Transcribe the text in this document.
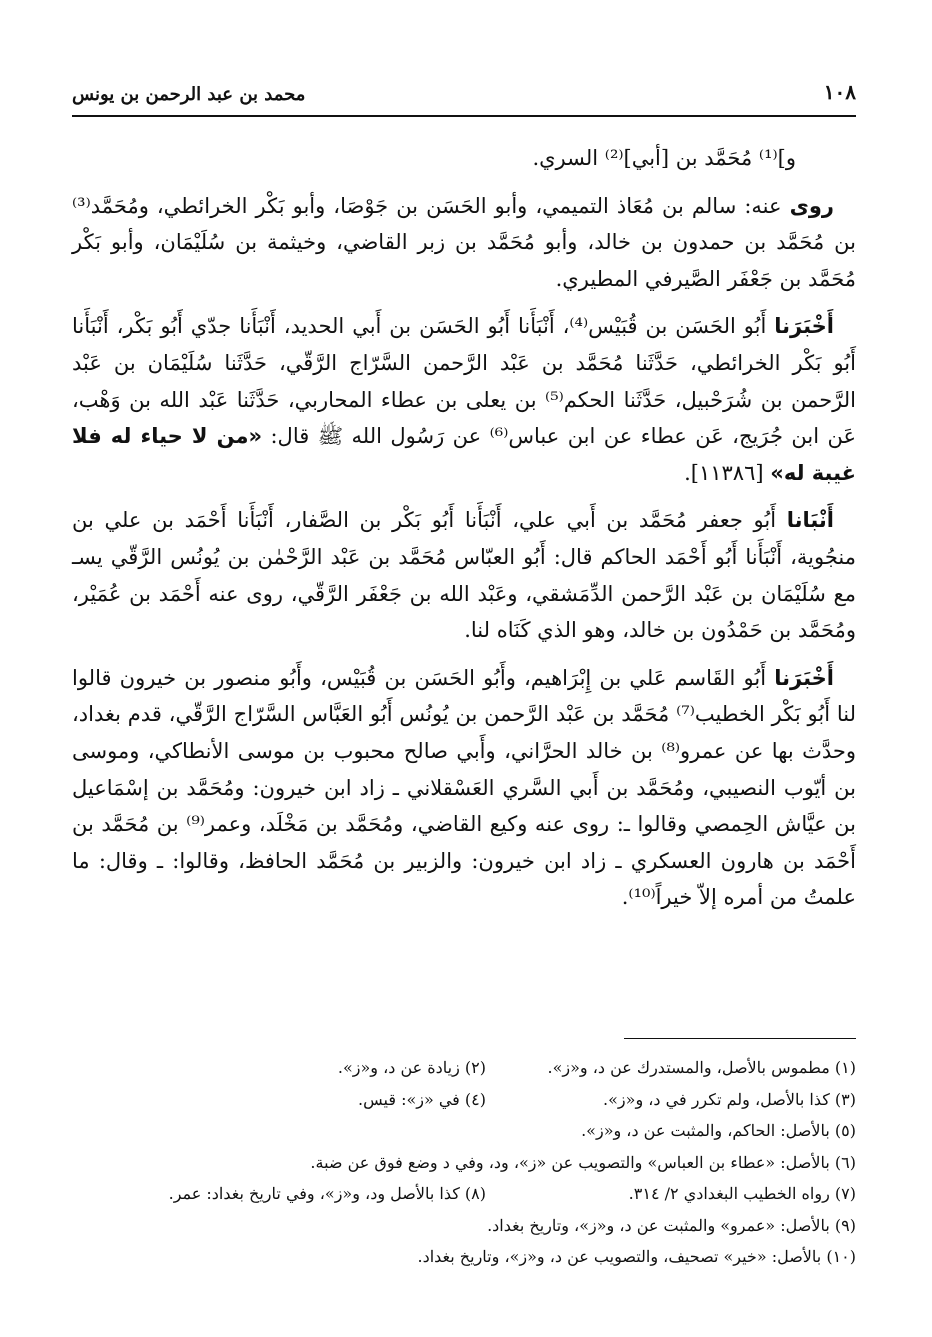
١٠٨
محمد بن عبد الرحمن بن يونس

و]⁽¹⁾ مُحَمَّد بن [أبي]⁽²⁾ السري.

روى عنه: سالم بن مُعَاذ التميمي، وأبو الحَسَن بن جَوْصَا، وأبو بَكْر الخرائطي، ومُحَمَّد⁽³⁾ بن مُحَمَّد بن حمدون بن خالد، وأبو مُحَمَّد بن زبر القاضي، وخيثمة بن سُلَيْمَان، وأبو بَكْر مُحَمَّد بن جَعْفَر الصَّيرفي المطيري.

أَخْبَرَنا أَبُو الحَسَن بن قُبَيْس⁽⁴⁾، أَنْبَأَنا أَبُو الحَسَن بن أَبي الحديد، أَنْبَأَنا جدّي أَبُو بَكْر، أَنْبَأَنا أَبُو بَكْر الخرائطي، حَدَّثَنا مُحَمَّد بن عَبْد الرَّحمن السَّرّاج الرَّقّي، حَدَّثَنا سُلَيْمَان بن عَبْد الرَّحمن بن شُرَحْبيل، حَدَّثَنا الحكم⁽⁵⁾ بن يعلى بن عطاء المحاربي، حَدَّثَنا عَبْد الله بن وَهْب، عَن ابن جُرَيج، عَن عطاء عن ابن عباس⁽⁶⁾ عن رَسُول الله ﷺ قال: «من لا حياء له فلا غيبة له» [١١٣٨٦].

أَنْبَانا أَبُو جعفر مُحَمَّد بن أَبي علي، أَنْبَأَنا أَبُو بَكْر بن الصَّفار، أَنْبَأَنا أَحْمَد بن علي بن منجُوية، أَنْبَأَنا أَبُو أَحْمَد الحاكم قال: أَبُو العبّاس مُحَمَّد بن عَبْد الرَّحْمٰن بن يُونُس الرَّقّي يسـ مع سُلَيْمَان بن عَبْد الرَّحمن الدِّمَشقي، وعَبْد الله بن جَعْفَر الرَّقّي، روى عنه أَحْمَد بن عُمَيْر، ومُحَمَّد بن حَمْدُون بن خالد، وهو الذي كَنَاه لنا.

أَخْبَرَنا أَبُو القَاسم عَلي بن إِبْرَاهيم، وأَبُو الحَسَن بن قُبَيْس، وأَبُو منصور بن خيرون قالوا لنا أَبُو بَكْر الخطيب⁽⁷⁾ مُحَمَّد بن عَبْد الرَّحمن بن يُونُس أَبُو العَبَّاس السَّرّاج الرَّقّي، قدم بغداد، وحدَّث بها عن عمرو⁽⁸⁾ بن خالد الحرَّاني، وأَبي صالح محبوب بن موسى الأنطاكي، وموسى بن أيّوب النصيبي، ومُحَمَّد بن أَبي السَّري العَسْقلاني ـ زاد ابن خيرون: ومُحَمَّد بن إسْمَاعيل بن عيَّاش الحِمصي وقالوا ـ: روى عنه وكيع القاضي، ومُحَمَّد بن مَخْلَد، وعمر⁽⁹⁾ بن مُحَمَّد بن أَحْمَد بن هارون العسكري ـ زاد ابن خيرون: والزبير بن مُحَمَّد الحافظ، وقالوا: ـ وقال: ما علمتُ من أمره إلاّ خيراً⁽¹⁰⁾.

(١) مطموس بالأصل، والمستدرك عن د، و«ز».
(٢) زيادة عن د، و«ز».
(٣) كذا بالأصل، ولم تكرر في د، و«ز».
(٤) في «ز»: قيس.
(٥) بالأصل: الحاكم، والمثبت عن د، و«ز».
(٦) بالأصل: «عطاء بن العباس» والتصويب عن «ز»، ود، وفي د وضع فوق عن ضبة.
(٧) رواه الخطيب البغدادي ٢/ ٣١٤.
(٨) كذا بالأصل ود، و«ز»، وفي تاريخ بغداد: عمر.
(٩) بالأصل: «عمرو» والمثبت عن د، و«ز»، وتاريخ بغداد.
(١٠) بالأصل: «خير» تصحيف، والتصويب عن د، و«ز»، وتاريخ بغداد.
